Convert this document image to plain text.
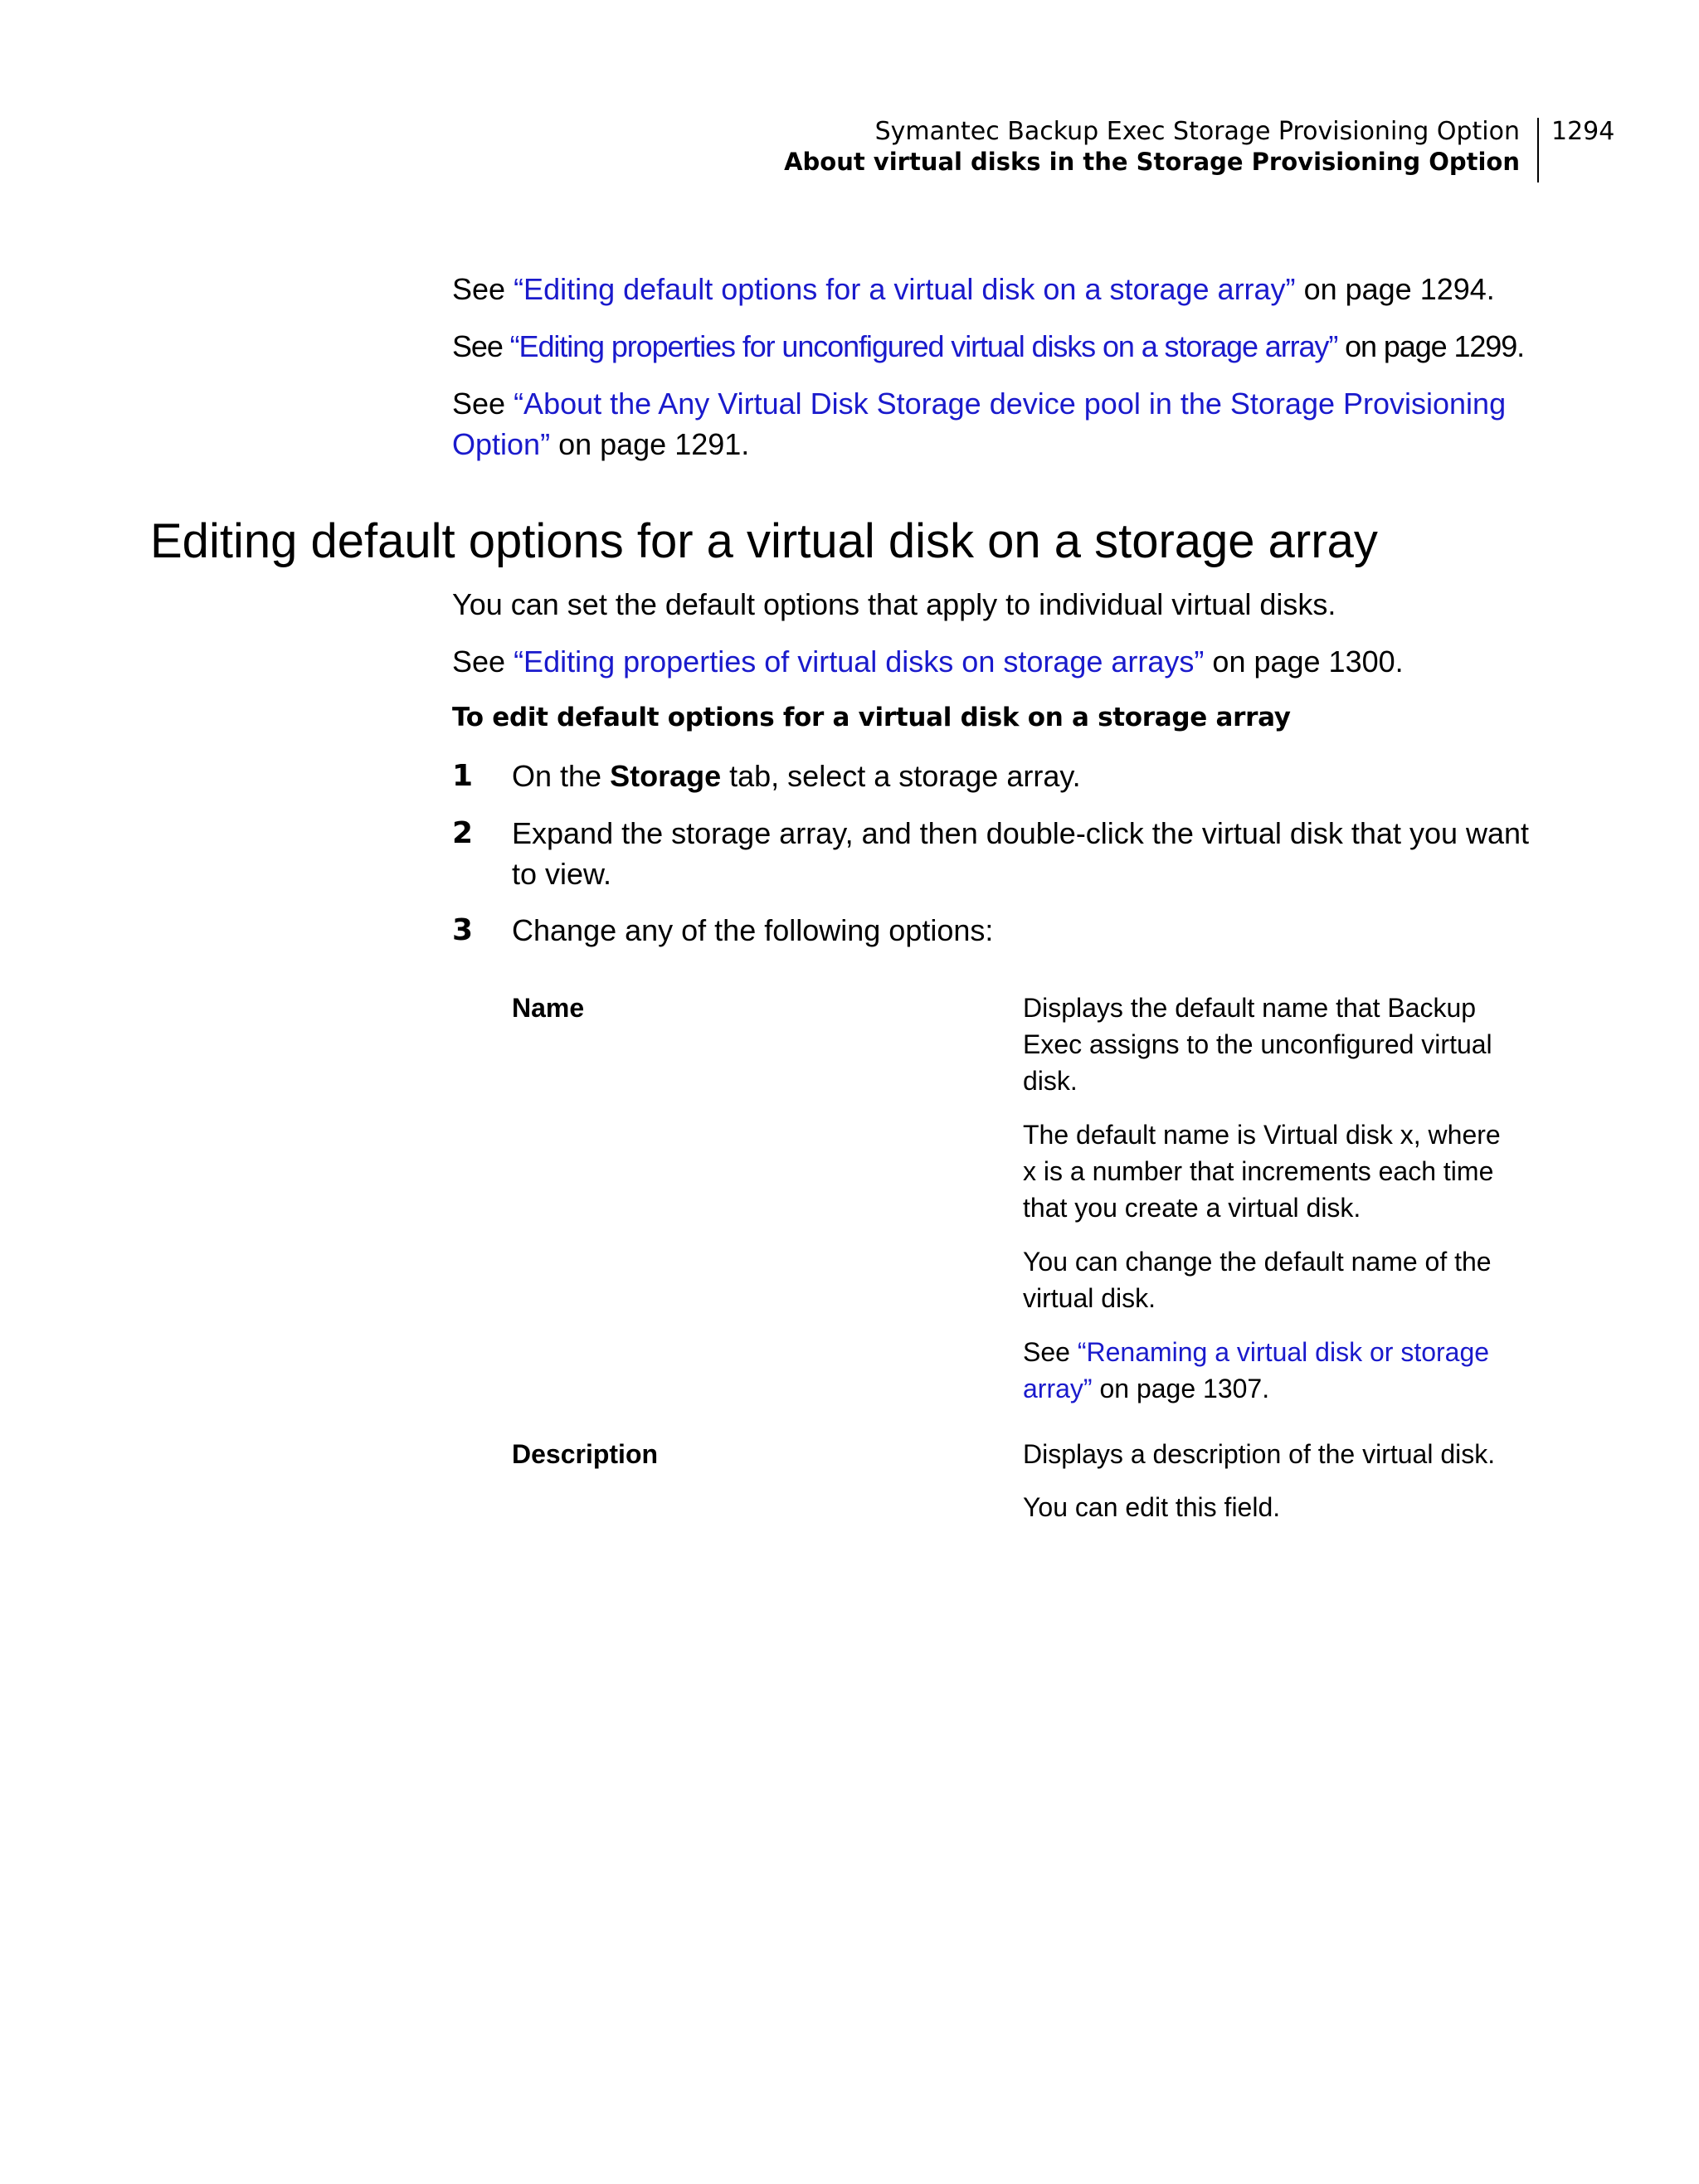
Symantec Backup Exec Storage Provisioning Option
About virtual disks in the Storage Provisioning Option
1294

See “Editing default options for a virtual disk on a storage array” on page 1294.

See “Editing properties for unconfigured virtual disks on a storage array” on page 1299.

See “About the Any Virtual Disk Storage device pool in the Storage Provisioning Option” on page 1291.

Editing default options for a virtual disk on a storage array

You can set the default options that apply to individual virtual disks.

See “Editing properties of virtual disks on storage arrays” on page 1300.

To edit default options for a virtual disk on a storage array
1 On the Storage tab, select a storage array.
2 Expand the storage array, and then double-click the virtual disk that you want to view.
3 Change any of the following options:
Name	Displays the default name that Backup Exec assigns to the unconfigured virtual disk.

The default name is Virtual disk x, where x is a number that increments each time that you create a virtual disk.

You can change the default name of the virtual disk.

See “Renaming a virtual disk or storage array” on page 1307.

Description	Displays a description of the virtual disk.

You can edit this field.
